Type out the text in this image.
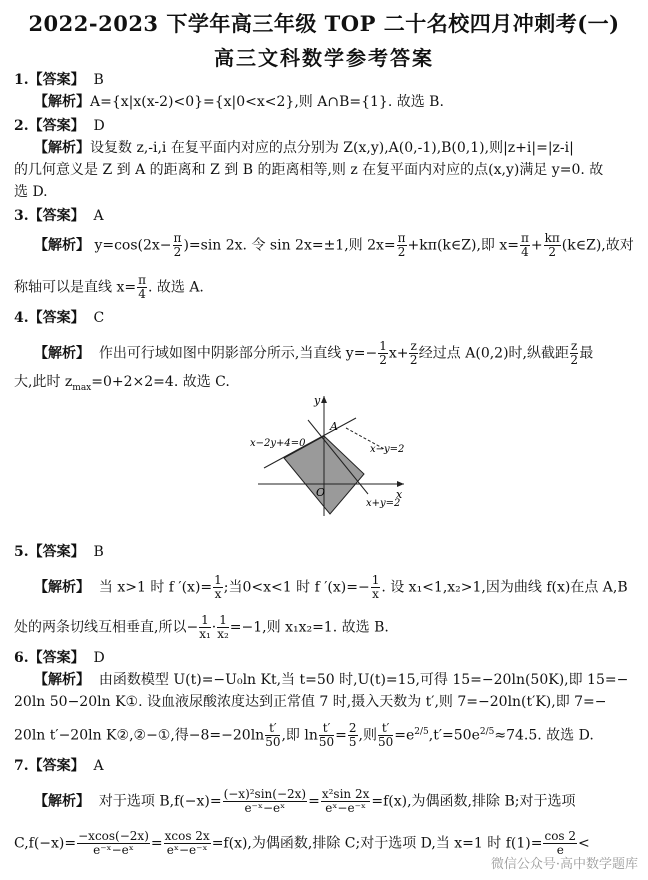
2022-2023 下学年高三年级 TOP 二十名校四月冲刺考(一)
高三文科数学参考答案
1.【答案】 B
【解析】A={x|x(x-2)<0}={x|0<x<2},则 A∩B={1}. 故选 B.
2.【答案】 D
【解析】设复数 z,-i,i 在复平面内对应的点分别为 Z(x,y),A(0,-1),B(0,1),则|z+i|=|z-i|
的几何意义是 Z 到 A 的距离和 Z 到 B 的距离相等,则 z 在复平面内对应的点(x,y)满足 y=0. 故
选 D.
3.【答案】 A
【解析】 $y=\cos(2x- \frac{\pi}{2} )=\sin$ 2x. 令 sin 2x=±1,则 $2x= \frac{\pi}{2}$ +kπ(k∈Z),即 $x= \frac{\pi}{4} + \frac{k\pi}{2}$ (k∈Z),故对
称轴可以是直线 $x= \frac{\pi}{4}$ . 故选 A.
4.【答案】 C
【解析】 作出可行域如图中阴影部分所示,当直线 $y=- \frac{1}{2} x+ \frac{z}{2}$ 经过点 A(0,2)时,纵截距 $\frac{z}{2}$ 最
大,此时 $z_{max}=0+2\times 2=4$. 故选 C.
y
x
O
A
x−2y+4=0
x−y=2
x+y=2
5.【答案】 B
【解析】 当 x>1 时 f $'(x)= \frac{1}{x}$ ;当0<x<1 时 f $'(x)=- \frac{1}{x}$ . 设 x₁<1,x₂>1,因为曲线 f(x)在点 A,B
处的两条切线互相垂直,所以− $\frac{1}{\text{x₁}} \cdot \frac{1}{\text{x₂}} =-1$,则 x₁x₂=1. 故选 B.
6.【答案】 D
【解析】 由函数模型 U(t)=−U₀ln Kt,当 t=50 时,U(t)=15,可得 15=−20ln(50K),即 15=−
20ln 50−20ln K①. 设血液尿酸浓度达到正常值 7 时,摄入天数为 t′,则 7=−20ln(t′K),即 7=−
20ln t′−20ln K②,②−①,得$-8=-20\ln \frac{t'}{50}$ ,即 $\ln \frac{t'}{50} = \frac{2}{5}$ ,则 $\frac{t'}{50} =e^{2/5},t'=50e^{2/5}\approx 74.5$. 故选 D.
7.【答案】 A
【解析】 对于选项 $B,f(-x)= \frac{\text{(−x)²sin(−2x)}}{\text{e⁻ˣ−eˣ}} = \frac{\text{x²sin 2x}}{\text{eˣ−e⁻ˣ}} =f(x)$,为偶函数,排除 B;对于选项
$C,f(-x)= \frac{-xcos(-2x)}{\text{e⁻ˣ−eˣ}} = \frac{xcos 2x}{\text{eˣ−e⁻ˣ}} =f(x)$,为偶函数,排除 C;对于选项 D,当 x=1 时 $f(1)= \frac{\cos 2}{e}$ <
微信公众号·高中数学题库
